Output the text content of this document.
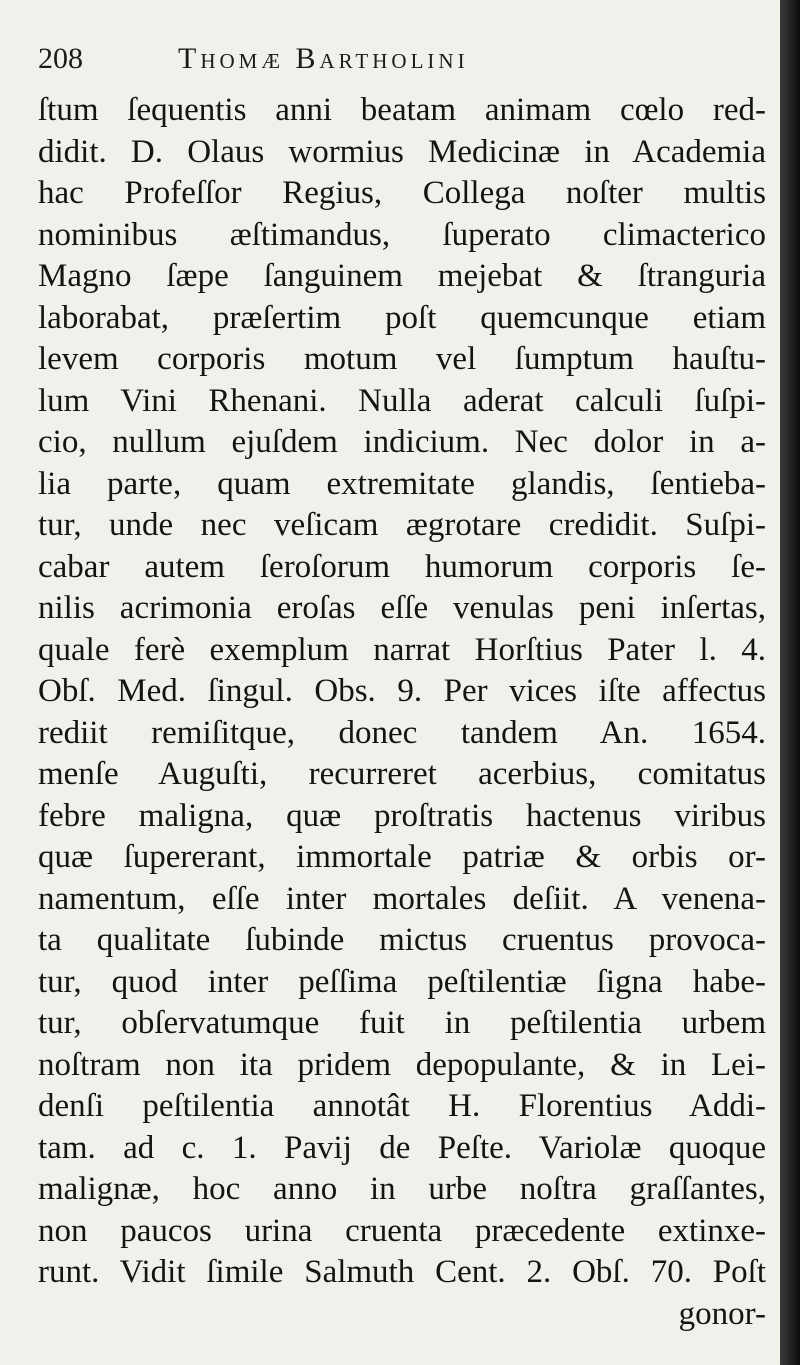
208	Thomæ Bartholini
ſtum ſequentis anni beatam animam cœlo red-
didit. D. Olaus wormius Medicinæ in Academia
hac Profeſſor Regius, Collega noſter multis
nominibus æſtimandus, ſuperato climacterico
Magno ſæpe ſanguinem mejebat & ſtranguria
laborabat, præſertim poſt quemcunque etiam
levem corporis motum vel ſumptum hauſtu-
lum Vini Rhenani. Nulla aderat calculi ſuſpi-
cio, nullum ejuſdem indicium. Nec dolor in a-
lia parte, quam extremitate glandis, ſentieba-
tur, unde nec veſicam ægrotare credidit. Suſpi-
cabar autem ſeroſorum humorum corporis ſe-
nilis acrimonia eroſas eſſe venulas peni inſertas,
quale ferè exemplum narrat Horſtius Pater l. 4.
Obſ. Med. ſingul. Obs. 9. Per vices iſte affectus
rediit remiſitque, donec tandem An. 1654.
menſe Auguſti, recurreret acerbius, comitatus
febre maligna, quæ proſtratis hactenus viribus
quæ ſupererant, immortale patriæ & orbis or-
namentum, eſſe inter mortales deſiit. A venena-
ta qualitate ſubinde mictus cruentus provoca-
tur, quod inter peſſima peſtilentiæ ſigna habe-
tur, obſervatumque fuit in peſtilentia urbem
noſtram non ita pridem depopulante, & in Lei-
denſi peſtilentia annotât H. Florentius Addi-
tam. ad c. 1. Pavij de Peſte. Variolæ quoque
malignæ, hoc anno in urbe noſtra graſſantes,
non paucos urina cruenta præcedente extinxe-
runt. Vidit ſimile Salmuth Cent. 2. Obſ. 70. Poſt
gonor-
